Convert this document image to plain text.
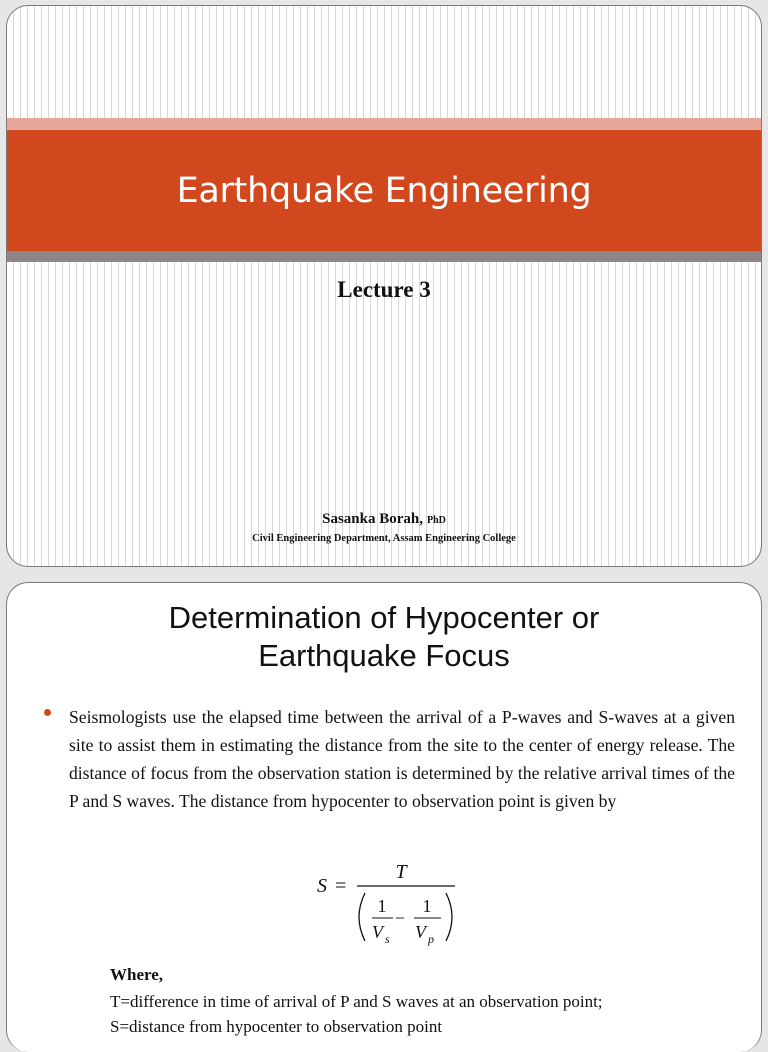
Earthquake Engineering
Lecture 3
Sasanka Borah, PhD
Civil Engineering Department, Assam Engineering College
Determination of Hypocenter or
Earthquake Focus

Seismologists use the elapsed time between the arrival of a P-waves and S-waves at a given site to assist them in estimating the distance from the site to the center of energy release. The distance of focus from the observation station is determined by the relative arrival times of the P and S waves. The distance from hypocenter to observation point is given by

S =
T
1
V s
−
1
V p
Where,
T=difference in time of arrival of P and S waves at an observation point;
S=distance from hypocenter to observation point
